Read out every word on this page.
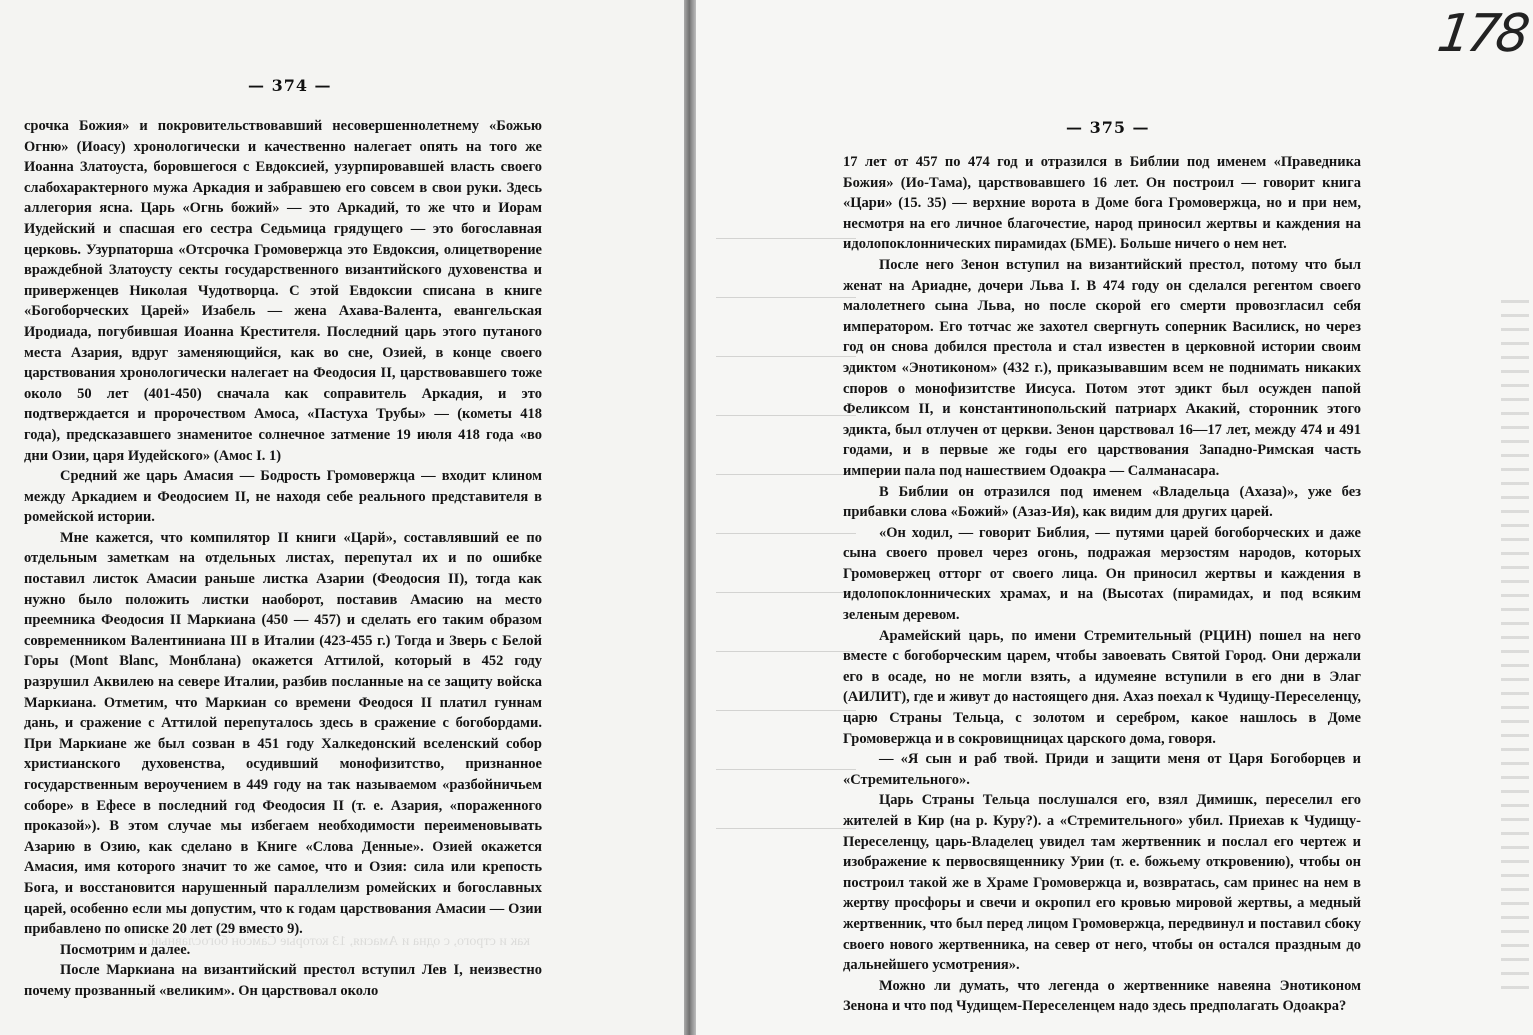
— 374 —

срочка Божия» и покровительствовавший несовершеннолетнему «Божью Огню» (Иоасу) хронологически и качественно налегает опять на того же Иоанна Златоуста, боровшегося с Евдоксией, узурпировавшей власть своего слабохарактерного мужа Аркадия и забравшею его совсем в свои руки. Здесь аллегория ясна. Царь «Огнь божий» — это Аркадий, то же что и Иорам Иудейский и спасшая его сестра Седьмица грядущего — это богославная церковь. Узурпаторша «Отсрочка Громовержца это Евдоксия, олицетворение враждебной Златоусту секты государственного византийского духовенства и приверженцев Николая Чудотворца. С этой Евдоксии списана в книге «Богоборческих Царей» Изабель — жена Ахава-Валента, евангельская Иродиада, погубившая Иоанна Крестителя. Последний царь этого путаного места Азария, вдруг заменяющийся, как во сне, Озией, в конце своего царствования хронологически налегает на Феодосия II, царствовавшего тоже около 50 лет (401-450) сначала как соправитель Аркадия, и это подтверждается и пророчеством Амоса, «Пастуха Трубы» — (кометы 418 года), предсказавшего знаменитое солнечное затмение 19 июля 418 года «во дни Озии, царя Иудейского» (Амос I. 1)

Средний же царь Амасия — Бодрость Громовержца — входит клином между Аркадием и Феодосием II, не находя себе реального представителя в ромейской истории.

Мне кажется, что компилятор II книги «Царй», составлявший ее по отдельным заметкам на отдельных листах, перепутал их и по ошибке поставил листок Амасии раньше листка Азарии (Феодосия II), тогда как нужно было положить листки наоборот, поставив Амасию на место преемника Феодосия II Маркиана (450 — 457) и сделать его таким образом современником Валентиниана III в Италии (423-455 г.) Тогда и Зверь с Белой Горы (Mont Blanc, Монблана) окажется Аттилой, который в 452 году разрушил Аквилею на севере Италии, разбив посланные на се защиту войска Маркиана. Отметим, что Маркиан со времени Феодося II платил гуннам дань, и сражение с Аттилой перепуталось здесь в сражение с богобордами. При Маркиане же был созван в 451 году Халкедонский вселенский собор христианского духовенства, осудивший монофизитство, признанное государственным вероучением в 449 году на так называемом «разбойничьем соборе» в Ефесе в последний год Феодосия II (т. е. Азария, «пораженного проказой»). В этом случае мы избегаем необходимости переименовывать Азарию в Озию, как сделано в Книге «Слова Денные». Озией окажется Амасия, имя которого значит то же самое, что и Озия: сила или крепость Бога, и восстановится нарушенный параллелизм ромейских и богославных царей, особенно если мы допустим, что к годам царствования Амасии — Озии прибавлено по описке 20 лет (29 вместо 9).

Посмотрим и далее.

После Маркиана на византийский престол вступил Лев I, неизвестно почему прозванный «великим». Он царствовал около

178
— 375 —

17 лет от 457 по 474 год и отразился в Библии под именем «Праведника Божия» (Ио-Тама), царствовавшего 16 лет. Он построил — говорит книга «Цари» (15. 35) — верхние ворота в Доме бога Громовержца, но и при нем, несмотря на его личное благочестие, народ приносил жертвы и каждения на идолопоклоннических пирамидах (БМЕ). Больше ничего о нем нет.

После него Зенон вступил на византийский престол, потому что был женат на Ариадне, дочери Льва I. В 474 году он сделался регентом своего малолетнего сына Льва, но после скорой его смерти провозгласил себя императором. Его тотчас же захотел свергнуть соперник Василиск, но через год он снова добился престола и стал известен в церковной истории своим эдиктом «Энотиконом» (432 г.), приказывавшим всем не поднимать никаких споров о монофизитстве Иисуса. Потом этот эдикт был осужден папой Феликсом II, и константинопольский патриарх Акакий, сторонник этого эдикта, был отлучен от церкви. Зенон царствовал 16—17 лет, между 474 и 491 годами, и в первые же годы его царствования Западно-Римская часть империи пала под нашествием Одоакра — Салманасара.

В Библии он отразился под именем «Владельца (Ахаза)», уже без прибавки слова «Божий» (Азаз-Ия), как видим для других царей.

«Он ходил, — говорит Библия, — путями царей богоборческих и даже сына своего провел через огонь, подражая мерзостям народов, которых Громовержец отторг от своего лица. Он приносил жертвы и каждения в идолопоклоннических храмах, и на (Высотах (пирамидах, и под всяким зеленым деревом.

Арамейский царь, по имени Стремительный (РЦИН) пошел на него вместе с богоборческим царем, чтобы завоевать Святой Город. Они держали его в осаде, но не могли взять, а идумеяне вступили в его дни в Элаг (АИЛИТ), где и живут до настоящего дня. Ахаз поехал к Чудищу-Переселенцу, царю Страны Тельца, с золотом и серебром, какое нашлось в Доме Громовержца и в сокровищницах царского дома, говоря.

— «Я сын и раб твой. Приди и защити меня от Царя Богоборцев и «Стремительного».

Царь Страны Тельца послушался его, взял Димишк, переселил его жителей в Кир (на р. Куру?). а «Стремительного» убил. Приехав к Чудищу-Переселенцу, царь-Владелец увидел там жертвенник и послал его чертеж и изображение к первосвященнику Урии (т. е. божьему откровению), чтобы он построил такой же в Храме Громовержца и, возвратась, сам принес на нем в жертву просфоры и свечи и окропил его кровью мировой жертвы, а медный жертвенник, что был перед лицом Громовержца, передвинул и поставил сбоку своего нового жертвенника, на север от него, чтобы он остался праздным до дальнейшего усмотрения».

Можно ли думать, что легенда о жертвеннике навеяна Энотиконом Зенона и что под Чудищем-Переселенцем надо здесь предполагать Одоакра?

как и строго, с одна и Амасия, 13 которые Самсон богославный, ...
